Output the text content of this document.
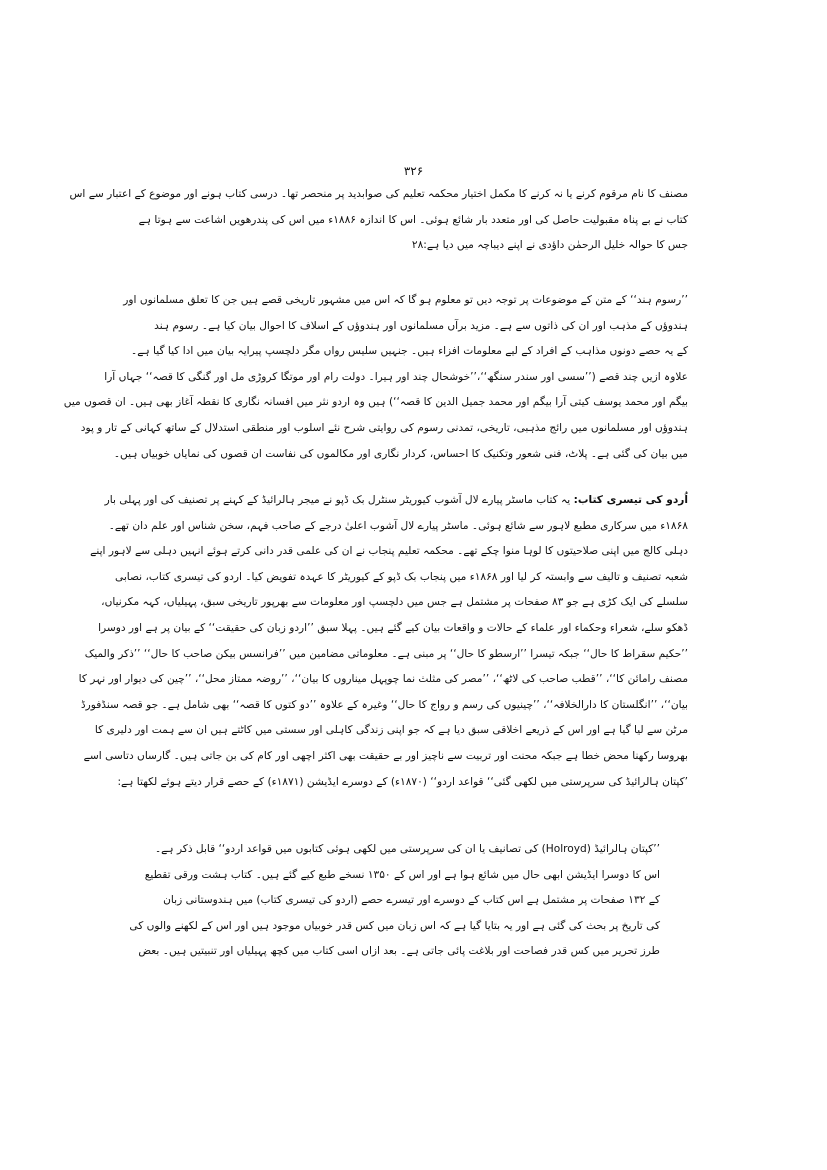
۳۲۶
مصنف کا نام مرقوم کرنے یا نہ کرنے کا مکمل اختیار محکمہ تعلیم کی صوابدید پر منحصر تھا۔ درسی کتاب ہونے اور موضوع کے اعتبار سے اس
کتاب نے بے پناہ مقبولیت حاصل کی اور متعدد بار شائع ہوئی۔ اس کا اندازہ ۱۸۸۶ء میں اس کی پندرھویں اشاعت سے ہوتا ہے
جس کا حوالہ خلیل الرحمٰن داؤدی نے اپنے دیباچہ میں دیا ہے:۲۸
’’رسوم ہند‘‘ کے متن کے موضوعات پر توجہ دیں تو معلوم ہو گا کہ اس میں مشہور تاریخی قصے ہیں جن کا تعلق مسلمانوں اور
ہندوؤں کے مذہب اور ان کی ذاتوں سے ہے۔ مزید برآں مسلمانوں اور ہندوؤں کے اسلاف کا احوال بیان کیا ہے۔ رسوم ہند
کے یہ حصے دونوں مذاہب کے افراد کے لیے معلومات افزاء ہیں۔ جنہیں سلیس رواں مگر دلچسپ پیرایہ بیان میں ادا کیا گیا ہے۔
علاوہ ازیں چند قصے (’’سسی اور سندر سنگھ‘‘،’’خوشحال چند اور ہیرا۔ دولت رام اور موتگا کروڑی مل اور گنگی کا قصہ‘‘ جہاں آرا
بیگم اور محمد یوسف کیتی آرا بیگم اور محمد جمیل الدین کا قصہ‘‘) ہیں وہ اردو نثر میں افسانہ نگاری کا نقطہ آغاز بھی ہیں۔ ان قصوں میں
ہندوؤں اور مسلمانوں میں رائج مذہبی، تاریخی، تمدنی رسوم کی روایتی شرح نئے اسلوب اور منطقی استدلال کے ساتھ کہانی کے تار و پود
میں بیان کی گئی ہے۔ پلاٹ، فنی شعور وتکنیک کا احساس، کردار نگاری اور مکالموں کی نفاست ان قصوں کی نمایاں خوبیاں ہیں۔
اُردو کی تیسری کتاب: یہ کتاب ماسٹر پیارے لال آشوب کیوریٹر سنٹرل بک ڈپو نے میجر ہالرائیڈ کے کہنے پر تصنیف کی اور پہلی بار
۱۸۶۸ء میں سرکاری مطبع لاہور سے شائع ہوئی۔ ماسٹر پیارے لال آشوب اعلیٰ درجے کے صاحب فہم، سخن شناس اور علم دان تھے۔
دہلی کالج میں اپنی صلاحیتوں کا لوہا منوا چکے تھے۔ محکمہ تعلیم پنجاب نے ان کی علمی قدر دانی کرتے ہوئے انہیں دہلی سے لاہور اپنے
شعبہ تصنیف و تالیف سے وابستہ کر لیا اور ۱۸۶۸ء میں پنجاب بک ڈپو کے کیوریٹر کا عہدہ تفویض کیا۔ اردو کی تیسری کتاب، نصابی
سلسلے کی ایک کڑی ہے جو ۸۳ صفحات پر مشتمل ہے جس میں دلچسپ اور معلومات سے بھرپور تاریخی سبق، پہیلیاں، کہہ مکرنیاں،
ڈھکو سلے، شعراء وحکماء اور علماء کے حالات و واقعات بیان کیے گئے ہیں۔ پہلا سبق ’’اردو زبان کی حقیقت‘‘ کے بیان پر ہے اور دوسرا
’’حکیم سقراط کا حال‘‘ جبکہ تیسرا ’’ارسطو کا حال‘‘ پر مبنی ہے۔ معلوماتی مضامین میں ’’فرانسس بیکن صاحب کا حال‘‘ ’’ذکر والمیک
مصنف رامائن کا‘‘، ’’قطب صاحب کی لاٹھ‘‘، ’’مصر کی مثلث نما چوپہل میناروں کا بیان‘‘، ’’روضہ ممتاز محل‘‘، ’’چین کی دیوار اور نہر کا
بیان‘‘، ’’انگلستان کا دارالخلافہ‘‘، ’’چینیوں کی رسم و رواج کا حال‘‘ وغیرہ کے علاوہ ’’دو کتوں کا قصہ‘‘ بھی شامل ہے۔ جو قصہ سنڈفورڈ
مرٹن سے لیا گیا ہے اور اس کے ذریعے اخلاقی سبق دیا ہے کہ جو اپنی زندگی کاہلی اور سستی میں کاٹتے ہیں ان سے ہمت اور دلیری کا
بھروسا رکھنا محض خطا ہے جبکہ محنت اور تربیت سے ناچیز اور بے حقیقت بھی اکثر اچھی اور کام کی بن جاتی ہیں۔ گارساں دتاسی اسے
’کپتان ہالرائیڈ کی سرپرستی میں لکھی گئی‘‘ قواعد اردو‘‘ (۱۸۷۰ء) کے دوسرے ایڈیشن (۱۸۷۱ء) کے حصے قرار دیتے ہوئے لکھتا ہے:
’’کپتان ہالرائیڈ (Holroyd) کی تصانیف یا ان کی سرپرستی میں لکھی ہوئی کتابوں میں قواعد اردو‘‘ قابل ذکر ہے۔
اس کا دوسرا ایڈیشن ابھی حال میں شائع ہوا ہے اور اس کے ۱۳۵۰ نسخے طبع کیے گئے ہیں۔ کتاب ہشت ورقی تقطیع
کے ۱۳۲ صفحات پر مشتمل ہے اس کتاب کے دوسرے اور تیسرے حصے (اردو کی تیسری کتاب) میں ہندوستانی زبان
کی تاریخ پر بحث کی گئی ہے اور یہ بتایا گیا ہے کہ اس زبان میں کس قدر خوبیاں موجود ہیں اور اس کے لکھنے والوں کی
طرز تحریر میں کس قدر فصاحت اور بلاغت پائی جاتی ہے۔ بعد ازاں اسی کتاب میں کچھ پہیلیاں اور تنبیتیں ہیں۔ بعض
